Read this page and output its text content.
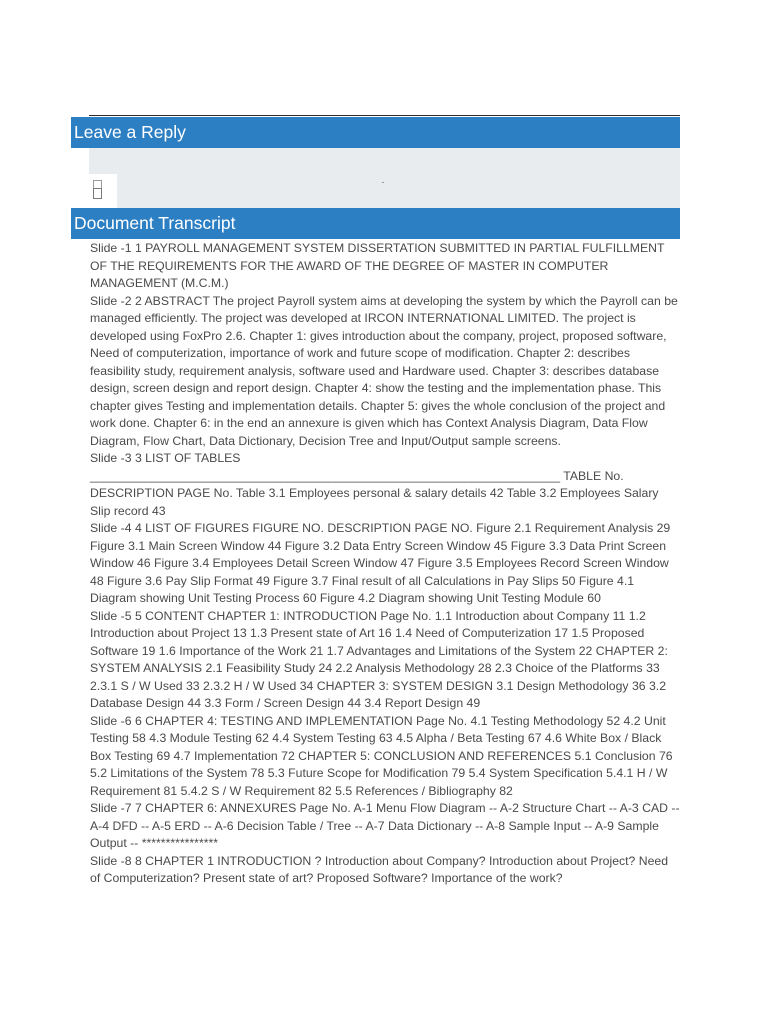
Leave a Reply
Document Transcript

Slide -1 1 PAYROLL MANAGEMENT SYSTEM DISSERTATION SUBMITTED IN PARTIAL FULFILLMENT OF THE REQUIREMENTS FOR THE AWARD OF THE DEGREE OF MASTER IN COMPUTER MANAGEMENT (M.C.M.)

Slide -2 2 ABSTRACT The project Payroll system aims at developing the system by which the Payroll can be managed efficiently. The project was developed at IRCON INTERNATIONAL LIMITED. The project is developed using FoxPro 2.6. Chapter 1: gives introduction about the company, project, proposed software, Need of computerization, importance of work and future scope of modification. Chapter 2: describes feasibility study, requirement analysis, software used and Hardware used. Chapter 3: describes database design, screen design and report design. Chapter 4: show the testing and the implementation phase. This chapter gives Testing and implementation details. Chapter 5: gives the whole conclusion of the project and work done. Chapter 6: in the end an annexure is given which has Context Analysis Diagram, Data Flow Diagram, Flow Chart, Data Dictionary, Decision Tree and Input/Output sample screens.

Slide -3 3 LIST OF TABLES _____________________________________________________________________ TABLE No. DESCRIPTION PAGE No. Table 3.1 Employees personal & salary details 42 Table 3.2 Employees Salary Slip record 43

Slide -4 4 LIST OF FIGURES FIGURE NO. DESCRIPTION PAGE NO. Figure 2.1 Requirement Analysis 29 Figure 3.1 Main Screen Window 44 Figure 3.2 Data Entry Screen Window 45 Figure 3.3 Data Print Screen Window 46 Figure 3.4 Employees Detail Screen Window 47 Figure 3.5 Employees Record Screen Window 48 Figure 3.6 Pay Slip Format 49 Figure 3.7 Final result of all Calculations in Pay Slips 50 Figure 4.1 Diagram showing Unit Testing Process 60 Figure 4.2 Diagram showing Unit Testing Module 60

Slide -5 5 CONTENT CHAPTER 1: INTRODUCTION Page No. 1.1 Introduction about Company 11 1.2 Introduction about Project 13 1.3 Present state of Art 16 1.4 Need of Computerization 17 1.5 Proposed Software 19 1.6 Importance of the Work 21 1.7 Advantages and Limitations of the System 22 CHAPTER 2: SYSTEM ANALYSIS 2.1 Feasibility Study 24 2.2 Analysis Methodology 28 2.3 Choice of the Platforms 33 2.3.1 S / W Used 33 2.3.2 H / W Used 34 CHAPTER 3: SYSTEM DESIGN 3.1 Design Methodology 36 3.2 Database Design 44 3.3 Form / Screen Design 44 3.4 Report Design 49

Slide -6 6 CHAPTER 4: TESTING AND IMPLEMENTATION Page No. 4.1 Testing Methodology 52 4.2 Unit Testing 58 4.3 Module Testing 62 4.4 System Testing 63 4.5 Alpha / Beta Testing 67 4.6 White Box / Black Box Testing 69 4.7 Implementation 72 CHAPTER 5: CONCLUSION AND REFERENCES 5.1 Conclusion 76 5.2 Limitations of the System 78 5.3 Future Scope for Modification 79 5.4 System Specification 5.4.1 H / W Requirement 81 5.4.2 S / W Requirement 82 5.5 References / Bibliography 82

Slide -7 7 CHAPTER 6: ANNEXURES Page No. A-1 Menu Flow Diagram -- A-2 Structure Chart -- A-3 CAD -- A-4 DFD -- A-5 ERD -- A-6 Decision Table / Tree -- A-7 Data Dictionary -- A-8 Sample Input -- A-9 Sample Output -- ****************

Slide -8 8 CHAPTER 1 INTRODUCTION ? Introduction about Company? Introduction about Project? Need of Computerization? Present state of art? Proposed Software? Importance of the work?
